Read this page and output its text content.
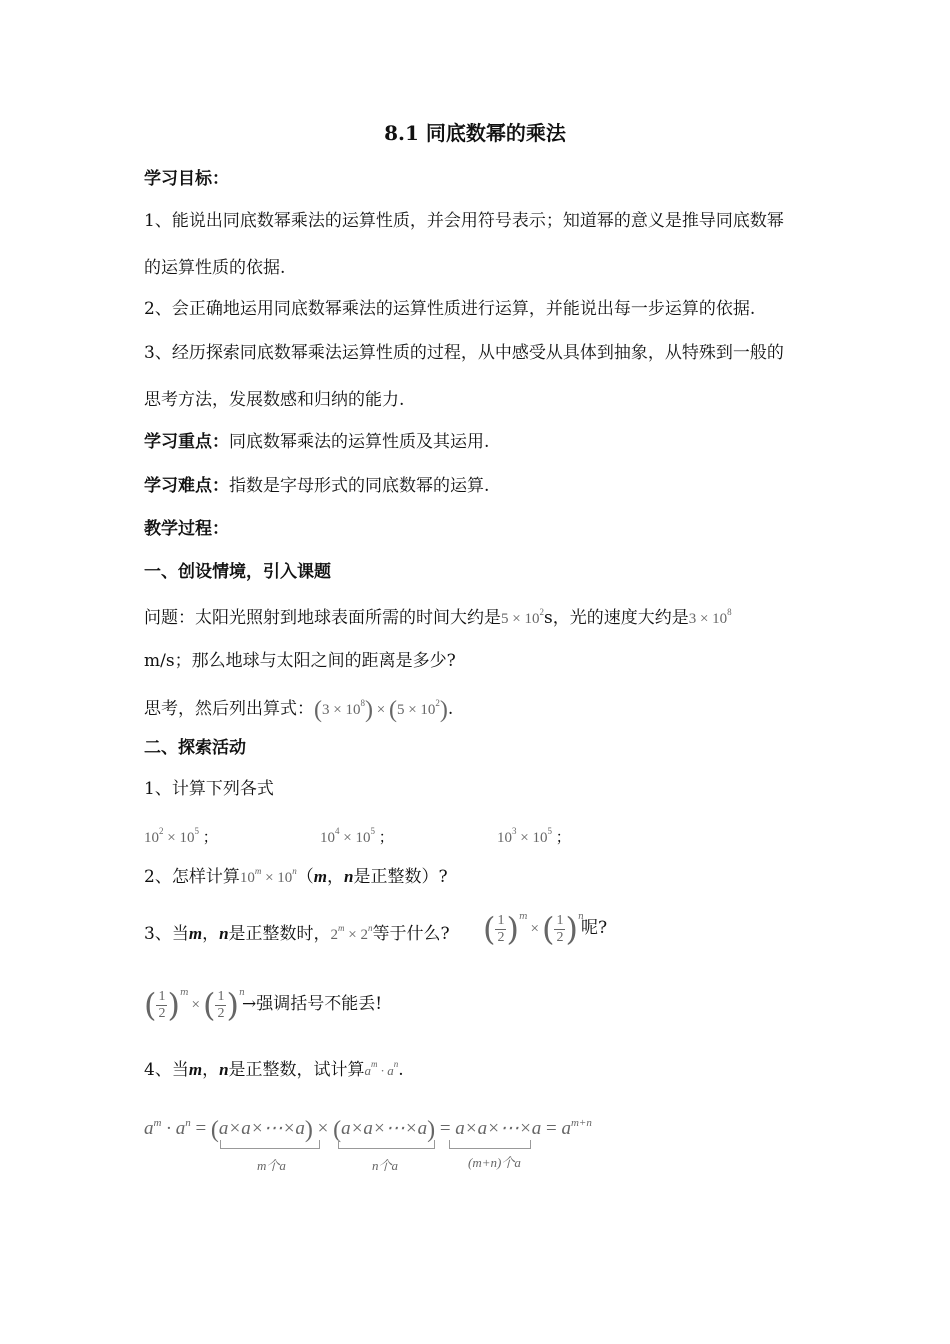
8.1 同底数幂的乘法
学习目标：
1、能说出同底数幂乘法的运算性质，并会用符号表示；知道幂的意义是推导同底数幂
的运算性质的依据.
2、会正确地运用同底数幂乘法的运算性质进行运算，并能说出每一步运算的依据.
3、经历探索同底数幂乘法运算性质的过程，从中感受从具体到抽象，从特殊到一般的
思考方法，发展数感和归纳的能力.
学习重点：同底数幂乘法的运算性质及其运用.
学习难点：指数是字母形式的同底数幂的运算.
教学过程：
一、创设情境，引入课题
问题：太阳光照射到地球表面所需的时间大约是$5 \times 10^2s$，光的速度大约是$3 \times 10^8$
m/s；那么地球与太阳之间的距离是多少?
思考，然后列出算式：$(3 \times 10^8) \times (5 \times 10^2)$.
二、探索活动
1、计算下列各式
$10^2 \times 10^5$ ；	$10^4 \times 10^5$ ；	$10^3 \times 10^5$ ；
2、怎样计算$10^m \times 10^n(m$，n是正整数）?
3、当m，n是正整数时，$2^m \times 2^n$等于什么? ( $\frac{1}{2} )^m$
× ( $\frac{1}{2} )^n$
呢?
( $\frac{1}{2} )^m$
× ( $\frac{1}{2} )^n$
→强调括号不能丢!
4、当m，n是正整数，试计算$a^m \cdot a^n$.
$a^m \cdot a^n$ = (a×a×⋯×a) × (a×a×⋯×a) = a×a×⋯×a = $a^{m+n}$
m个a	n个a	(m+n)个a
